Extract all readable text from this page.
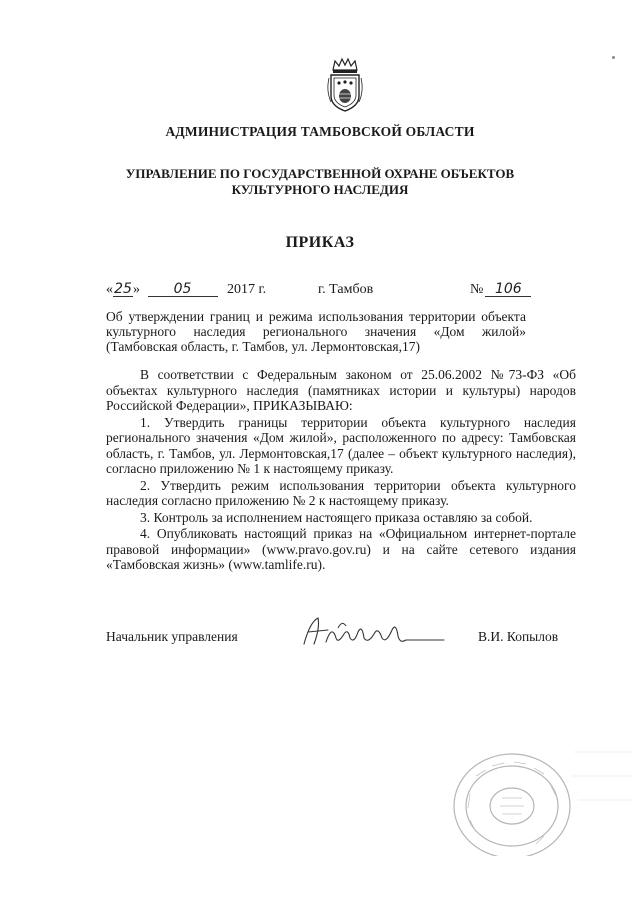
АДМИНИСТРАЦИЯ ТАМБОВСКОЙ ОБЛАСТИ
УПРАВЛЕНИЕ ПО ГОСУДАРСТВЕННОЙ ОХРАНЕ ОБЪЕКТОВ
КУЛЬТУРНОГО НАСЛЕДИЯ
ПРИКАЗ
«25» 05	2017 г.	г. Тамбов	№ 106
Об утверждении границ и режима использования территории объекта культурного наследия регионального значения «Дом жилой» (Тамбовская область, г. Тамбов, ул. Лермонтовская,17)

В соответствии с Федеральным законом от 25.06.2002 №73-ФЗ «Об объектах культурного наследия (памятниках истории и культуры) народов Российской Федерации», ПРИКАЗЫВАЮ:

1. Утвердить границы территории объекта культурного наследия регионального значения «Дом жилой», расположенного по адресу: Тамбовская область, г. Тамбов, ул. Лермонтовская,17 (далее – объект культурного наследия), согласно приложению № 1 к настоящему приказу.

2. Утвердить режим использования территории объекта культурного наследия согласно приложению № 2 к настоящему приказу.

3. Контроль за исполнением настоящего приказа оставляю за собой.

4. Опубликовать настоящий приказ на «Официальном интернет-портале правовой информации» (www.pravo.gov.ru) и на сайте сетевого издания «Тамбовская жизнь» (www.tamlife.ru).

Начальник управления	В.И. Копылов
